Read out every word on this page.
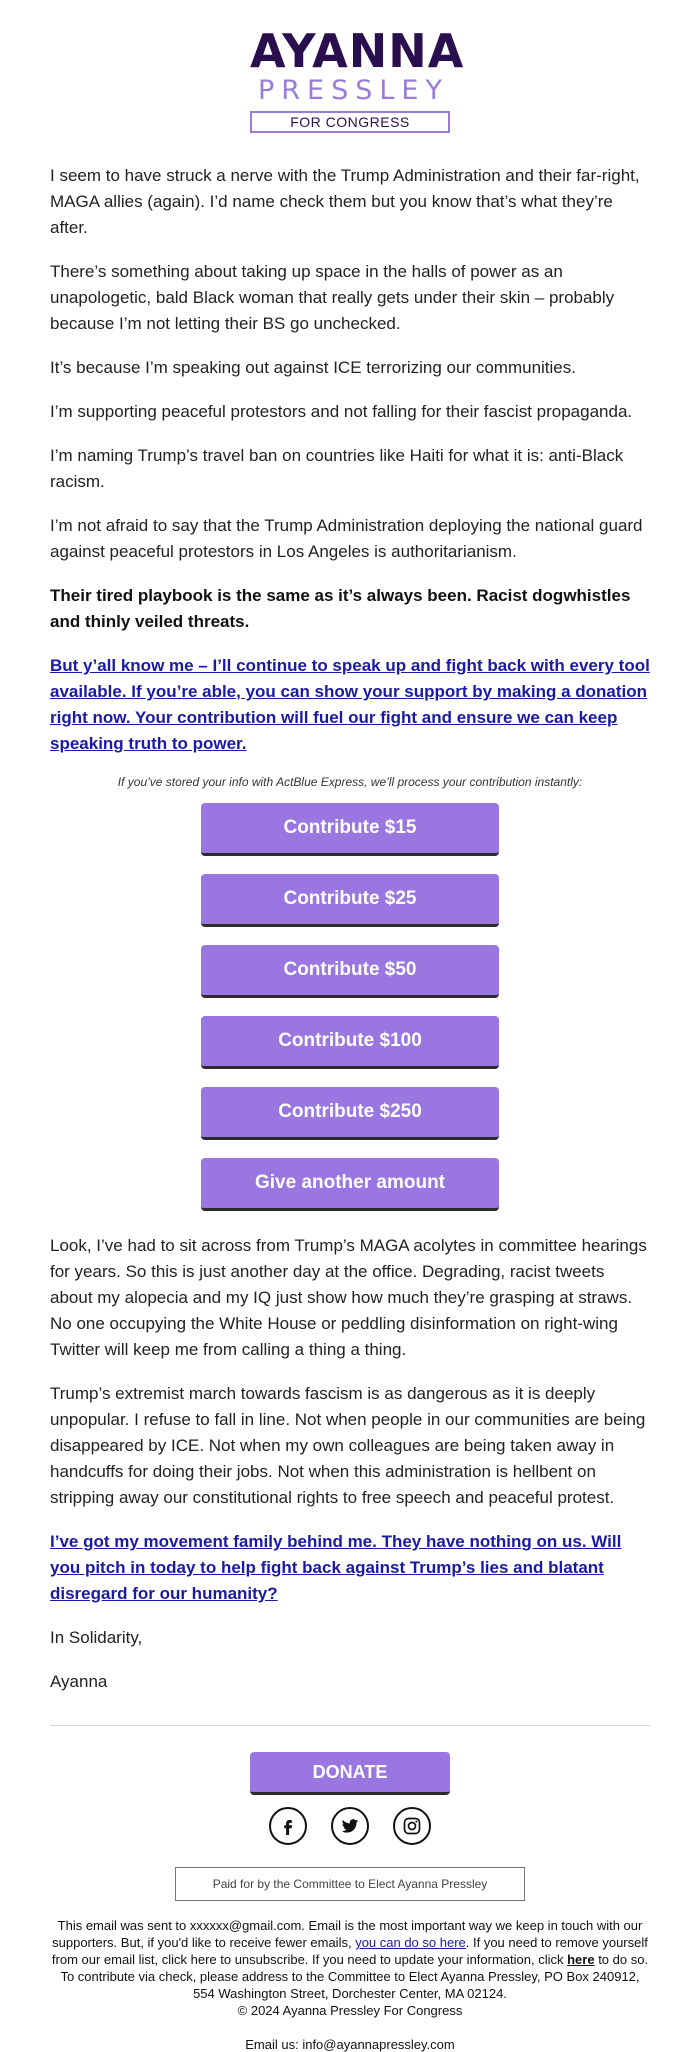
AYANNA
PRESSLEY
FOR CONGRESS

I seem to have struck a nerve with the Trump Administration and their far-right, MAGA allies (again). I’d name check them but you know that’s what they’re after.

There’s something about taking up space in the halls of power as an unapologetic, bald Black woman that really gets under their skin – probably because I’m not letting their BS go unchecked.

It’s because I’m speaking out against ICE terrorizing our communities.

I’m supporting peaceful protestors and not falling for their fascist propaganda.

I’m naming Trump’s travel ban on countries like Haiti for what it is: anti-Black racism.

I’m not afraid to say that the Trump Administration deploying the national guard against peaceful protestors in Los Angeles is authoritarianism.

Their tired playbook is the same as it’s always been. Racist dogwhistles and thinly veiled threats.

But y’all know me – I’ll continue to speak up and fight back with every tool available. If you’re able, you can show your support by making a donation right now. Your contribution will fuel our fight and ensure we can keep speaking truth to power.

If you’ve stored your info with ActBlue Express, we’ll process your contribution instantly:
Contribute $15
Contribute $25
Contribute $50
Contribute $100
Contribute $250
Give another amount

Look, I’ve had to sit across from Trump’s MAGA acolytes in committee hearings for years. So this is just another day at the office. Degrading, racist tweets about my alopecia and my IQ just show how much they’re grasping at straws. No one occupying the White House or peddling disinformation on right-wing Twitter will keep me from calling a thing a thing.

Trump’s extremist march towards fascism is as dangerous as it is deeply unpopular. I refuse to fall in line. Not when people in our communities are being disappeared by ICE. Not when my own colleagues are being taken away in handcuffs for doing their jobs. Not when this administration is hellbent on stripping away our constitutional rights to free speech and peaceful protest.

I’ve got my movement family behind me. They have nothing on us. Will you pitch in today to help fight back against Trump’s lies and blatant disregard for our humanity?

In Solidarity,

Ayanna

DONATE
Paid for by the Committee to Elect Ayanna Pressley
This email was sent to xxxxxx@gmail.com. Email is the most important way we keep in touch with our supporters. But, if you'd like to receive fewer emails, you can do so here. If you need to remove yourself from our email list, click here to unsubscribe. If you need to update your information, click here to do so. To contribute via check, please address to the Committee to Elect Ayanna Pressley, PO Box 240912, 554 Washington Street, Dorchester Center, MA 02124.
© 2024 Ayanna Pressley For Congress
Email us: info@ayannapressley.com
